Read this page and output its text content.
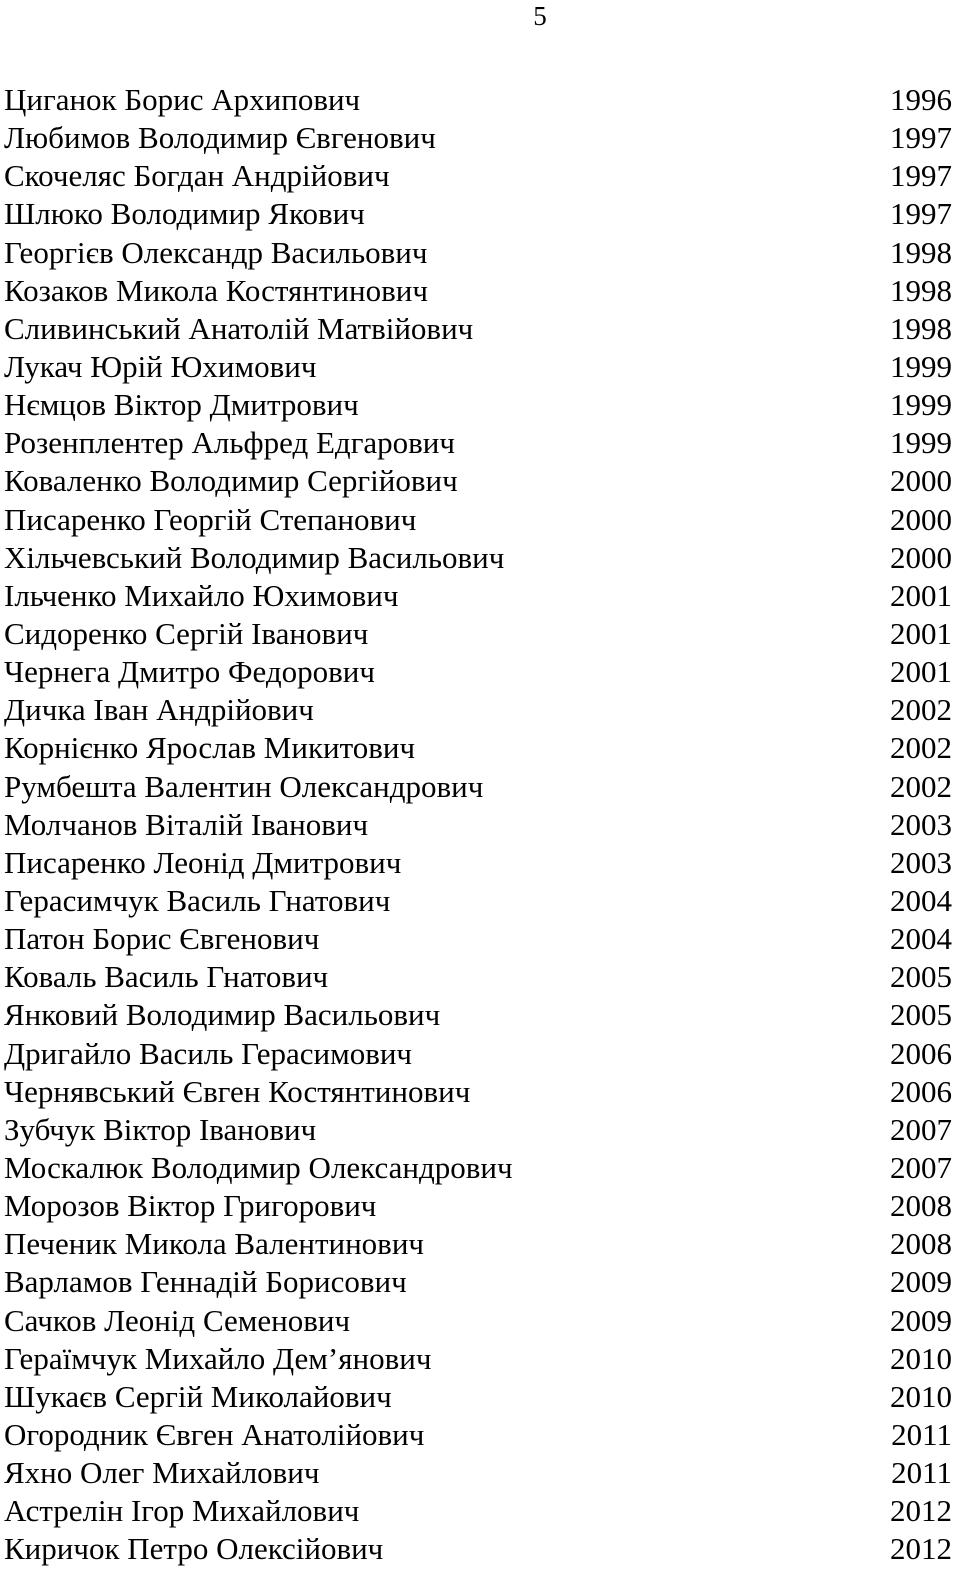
5
Циганок Борис Архипович	1996
Любимов Володимир Євгенович	1997
Скочеляс Богдан Андрійович	1997
Шлюко Володимир Якович	1997
Георгієв Олександр Васильович	1998
Козаков Микола Костянтинович	1998
Сливинський Анатолій Матвійович	1998
Лукач Юрій Юхимович	1999
Нємцов Віктор Дмитрович	1999
Розенплентер Альфред Едгарович	1999
Коваленко Володимир Сергійович	2000
Писаренко Георгій Степанович	2000
Хільчевський Володимир Васильович	2000
Ільченко Михайло Юхимович	2001
Сидоренко Сергій Іванович	2001
Чернега Дмитро Федорович	2001
Дичка Іван Андрійович	2002
Корнієнко Ярослав Микитович	2002
Румбешта Валентин Олександрович	2002
Молчанов Віталій Іванович	2003
Писаренко Леонід Дмитрович	2003
Герасимчук Василь Гнатович	2004
Патон Борис Євгенович	2004
Коваль Василь Гнатович	2005
Янковий Володимир Васильович	2005
Дригайло Василь Герасимович	2006
Чернявський Євген Костянтинович	2006
Зубчук Віктор Іванович	2007
Москалюк Володимир Олександрович	2007
Морозов Віктор Григорович	2008
Печеник Микола Валентинович	2008
Варламов Геннадій Борисович	2009
Сачков Леонід Семенович	2009
Гераїмчук Михайло Дем’янович	2010
Шукаєв Сергій Миколайович	2010
Огородник Євген Анатолійович	2011
Яхно Олег Михайлович	2011
Астрелін Ігор Михайлович	2012
Киричок Петро Олексійович	2012
